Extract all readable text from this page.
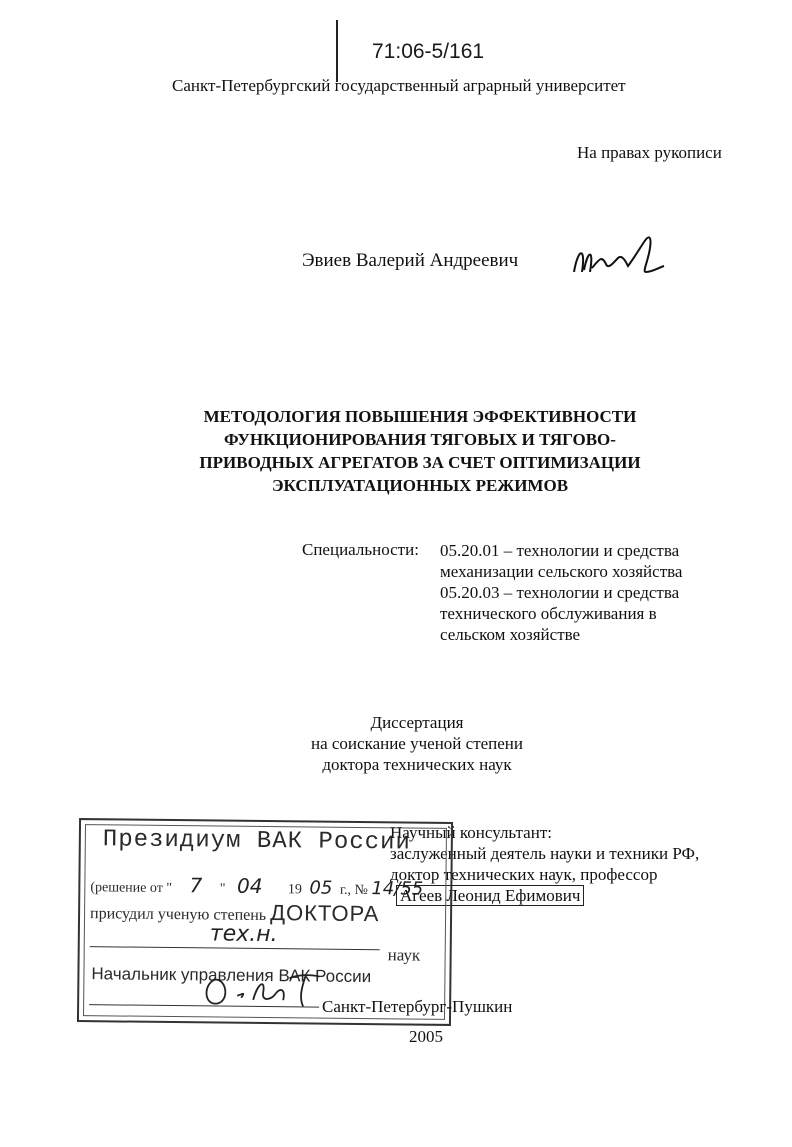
71:06-5/161
Санкт-Петербургский государственный аграрный университет
На правах рукописи
Эвиев Валерий Андреевич
МЕТОДОЛОГИЯ ПОВЫШЕНИЯ ЭФФЕКТИВНОСТИ
ФУНКЦИОНИРОВАНИЯ ТЯГОВЫХ И ТЯГОВО-
ПРИВОДНЫХ АГРЕГАТОВ ЗА СЧЕТ ОПТИМИЗАЦИИ
ЭКСПЛУАТАЦИОННЫХ РЕЖИМОВ
Специальности: 05.20.01 – технологии и средства
механизации сельского хозяйства
05.20.03 – технологии и средства
технического обслуживания в
сельском хозяйстве
Диссертация
на соискание ученой степени
доктора технических наук
Научный консультант:
заслуженный деятель науки и техники РФ,
доктор технических наук, профессор
Агеев Леонид Ефимович
Президиум ВАК России
(решение от " 7 " 04 19 05 г., № 14/55
присудил ученую степень ДОКТОРА
тех.н.
наук
Начальник управления ВАК России
Санкт-Петербург-Пушкин
2005
